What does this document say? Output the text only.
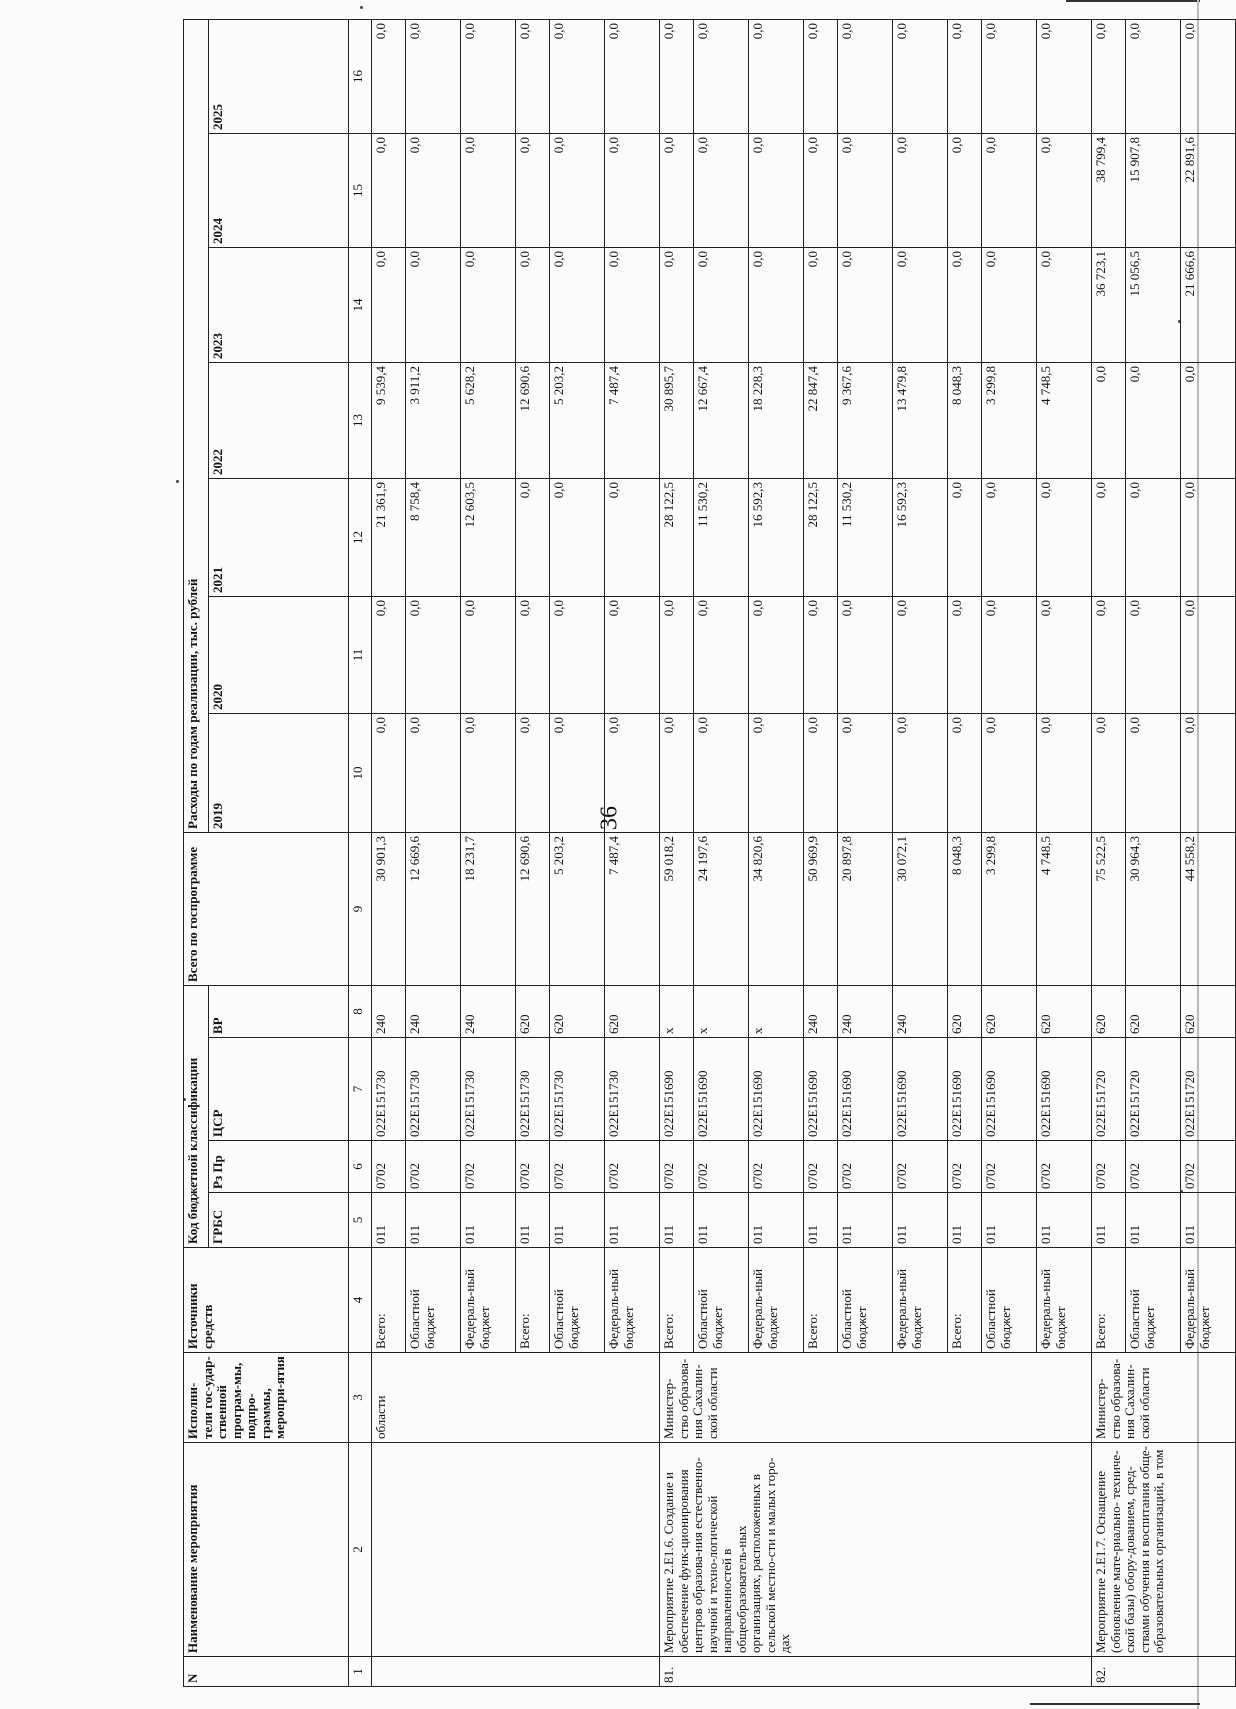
36
N	Наименование мероприятия	Исполни-тели гос-удар-ственной програм-мы, подпро-граммы, меропри-ятия	Источники средств	Код бюджетной классификации				Всего по госпрограмме	Расходы по годам реализации, тыс. рублей						
				ГРБС	Рз Пр	ЦСР	ВР		2019	2020	2021	2022	2023	2024	2025
1	2	3	4	5	6	7	8	9	10	11	12	13	14	15	16
		области	Всего:	011	0702	022E151730	240	30 901,3	0,0	0,0	21 361,9	9 539,4	0,0	0,0	0,0
			Областной бюджет	011	0702	022E151730	240	12 669,6	0,0	0,0	8 758,4	3 911,2	0,0	0,0	0,0
			Федераль-ный бюджет	011	0702	022E151730	240	18 231,7	0,0	0,0	12 603,5	5 628,2	0,0	0,0	0,0
			Всего:	011	0702	022E151730	620	12 690,6	0,0	0,0	0,0	12 690,6	0,0	0,0	0,0
			Областной бюджет	011	0702	022E151730	620	5 203,2	0,0	0,0	0,0	5 203,2	0,0	0,0	0,0
			Федераль-ный бюджет	011	0702	022E151730	620	7 487,4	0,0	0,0	0,0	7 487,4	0,0	0,0	0,0
81.	Мероприятие 2.E1.6. Создание и обеспечение функ-ционирования центров образова-ния естественно-научной и техно-логической направленностей в общеобразователь-ных организациях, расположенных в сельской местно-сти и малых горо-дах	Министер-ство образова-ния Сахалин-ской области	Всего:	011	0702	022E151690	х	59 018,2	0,0	0,0	28 122,5	30 895,7	0,0	0,0	0,0
			Областной бюджет	011	0702	022E151690	х	24 197,6	0,0	0,0	11 530,2	12 667,4	0,0	0,0	0,0
			Федераль-ный бюджет	011	0702	022E151690	х	34 820,6	0,0	0,0	16 592,3	18 228,3	0,0	0,0	0,0
			Всего:	011	0702	022E151690	240	50 969,9	0,0	0,0	28 122,5	22 847,4	0,0	0,0	0,0
			Областной бюджет	011	0702	022E151690	240	20 897,8	0,0	0,0	11 530,2	9 367,6	0,0	0,0	0,0
			Федераль-ный бюджет	011	0702	022E151690	240	30 072,1	0,0	0,0	16 592,3	13 479,8	0,0	0,0	0,0
			Всего:	011	0702	022E151690	620	8 048,3	0,0	0,0	0,0	8 048,3	0,0	0,0	0,0
			Областной бюджет	011	0702	022E151690	620	3 299,8	0,0	0,0	0,0	3 299,8	0,0	0,0	0,0
			Федераль-ный бюджет	011	0702	022E151690	620	4 748,5	0,0	0,0	0,0	4 748,5	0,0	0,0	0,0
82.	Мероприятие 2.E1.7. Оснащение (обновление мате-риально- техниче-ской базы) обору-дованием, сред-ствами обучения и воспитания обще-образовательных организаций, в том	Министер-ство образова-ния Сахалин-ской области	Всего:	011	0702	022E151720	620	75 522,5	0,0	0,0	0,0	0,0	36 723,1	38 799,4	0,0
			Областной бюджет	011	0702	022E151720	620	30 964,3	0,0	0,0	0,0	0,0	15 056,5	15 907,8	0,0
			Федераль-ный бюджет	011	0702	022E151720	620	44 558,2	0,0	0,0	0,0	0,0	21 666,6	22 891,6	0,0
